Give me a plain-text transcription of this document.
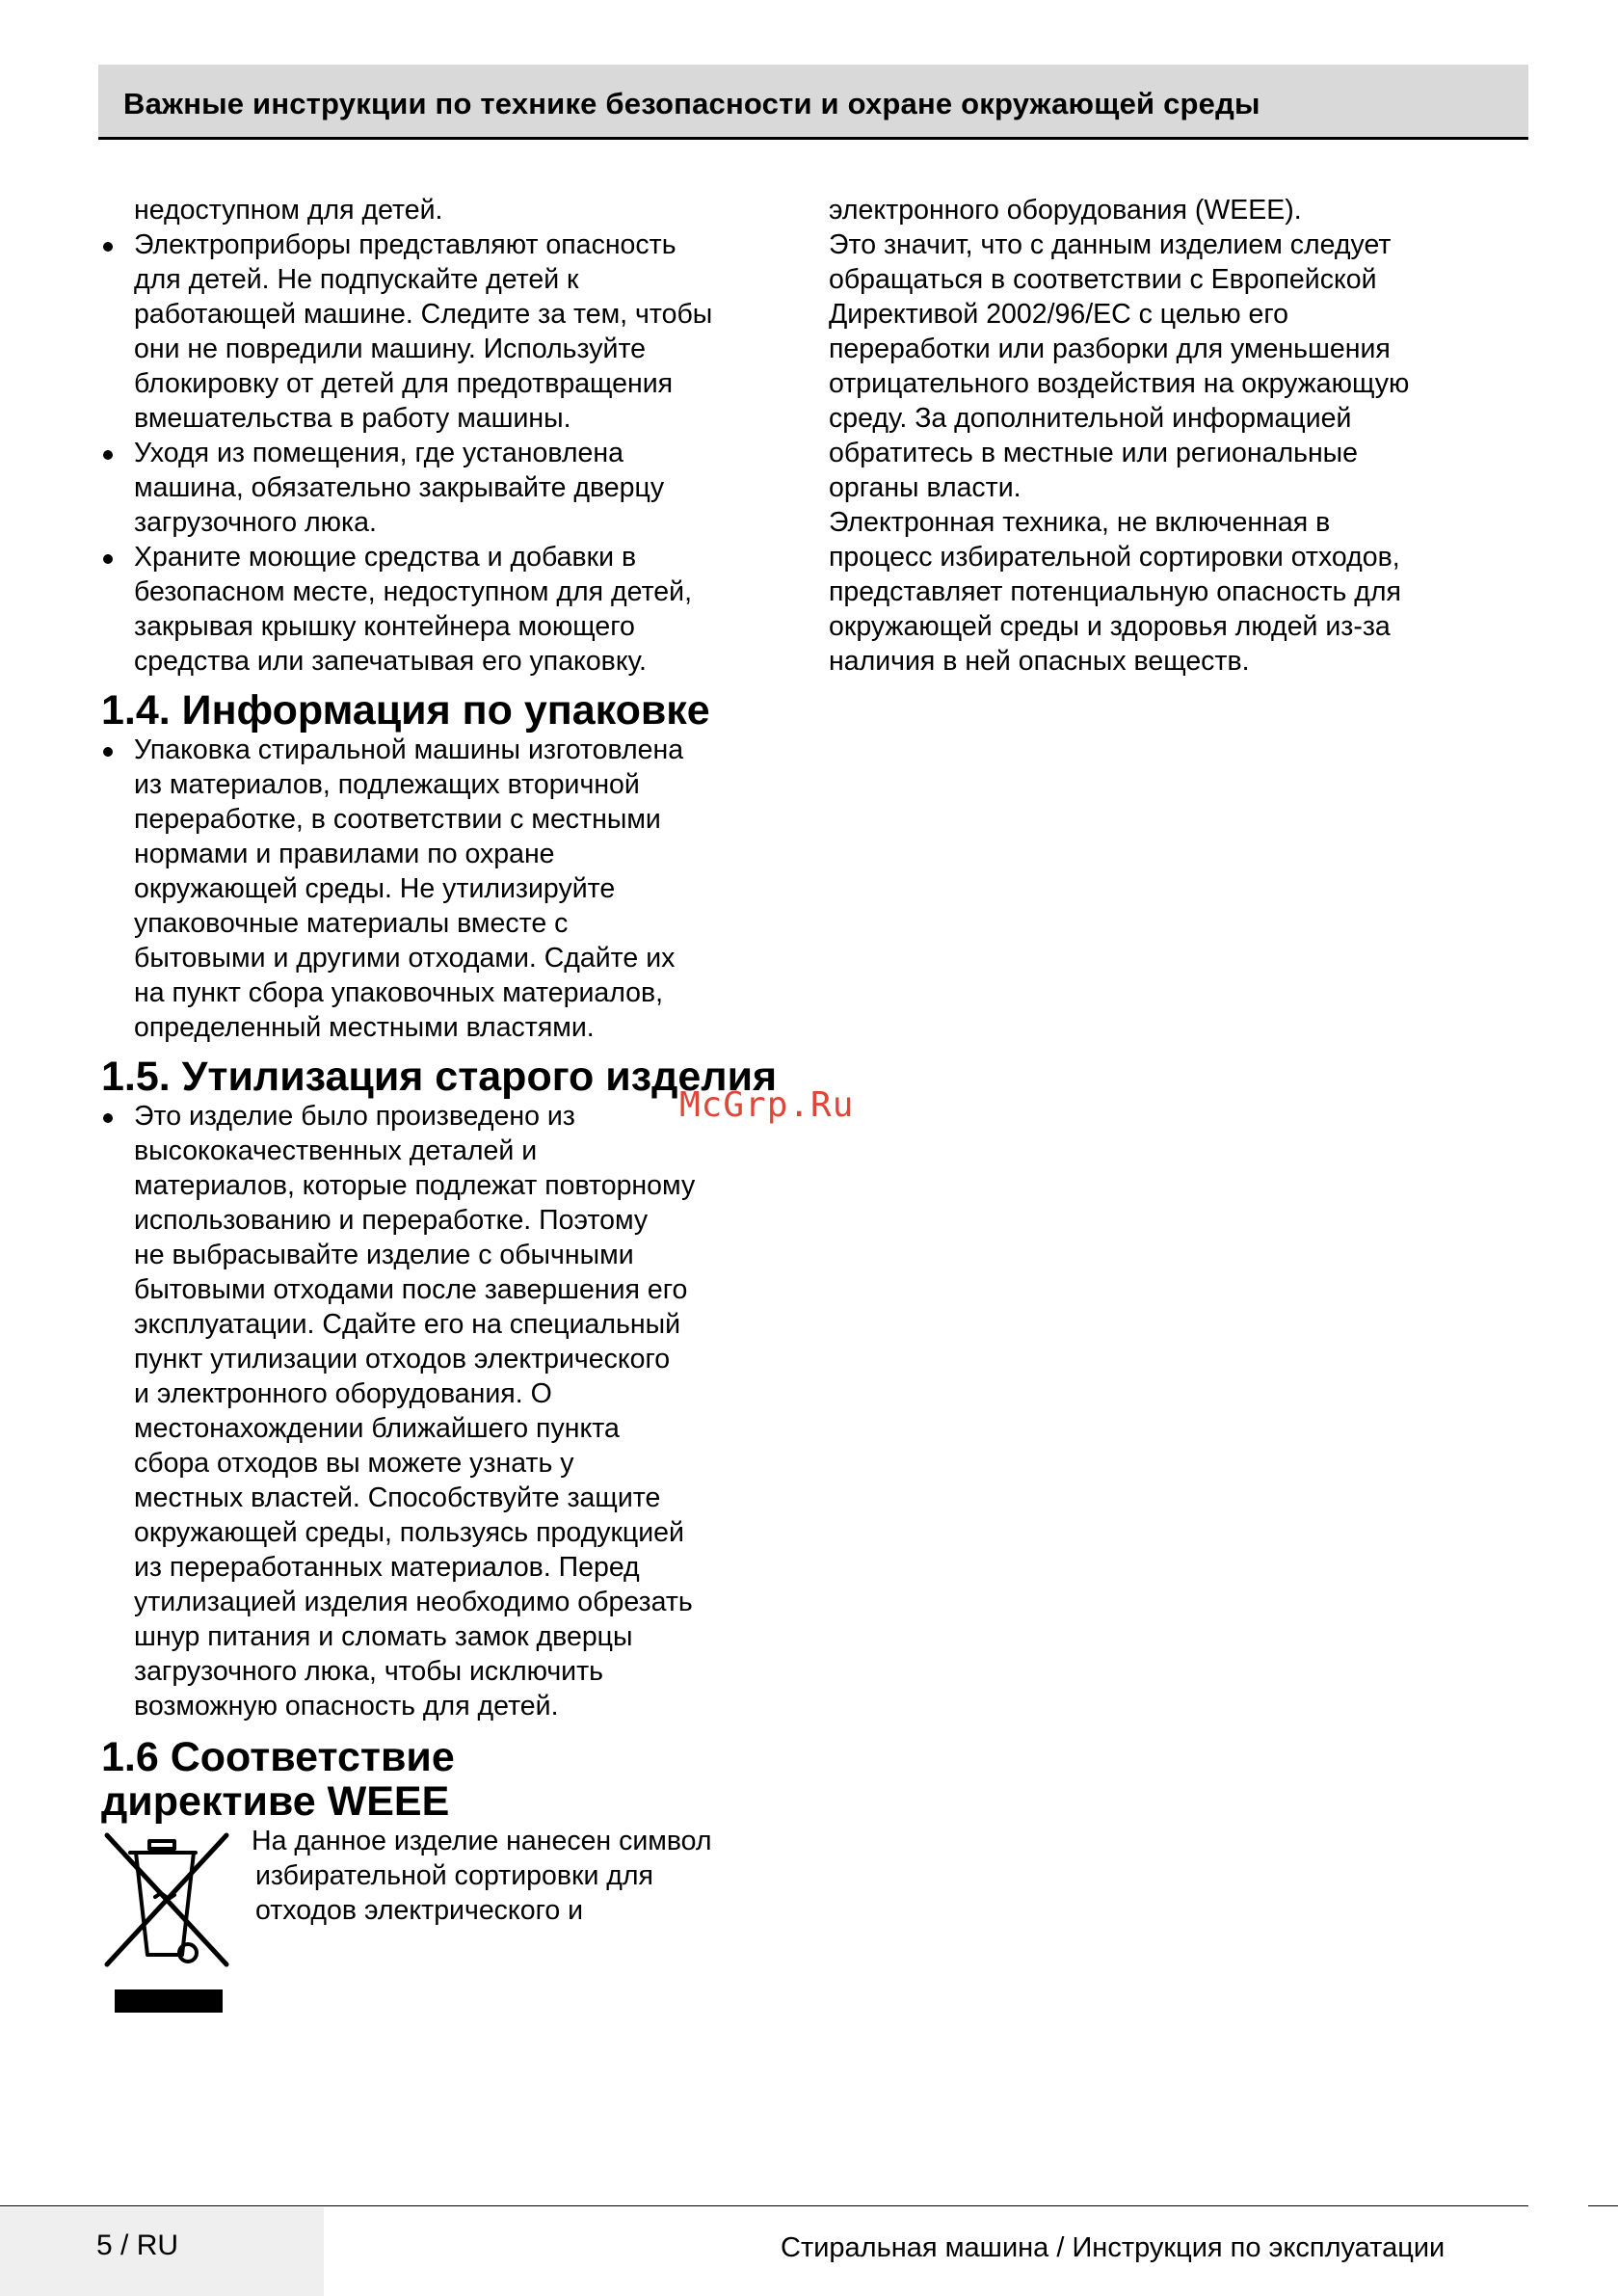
Важные инструкции по технике безопасности и охране окружающей среды

недоступном для детей.

Электроприборы представляют опасность

для детей. Не подпускайте детей к

работающей машине. Следите за тем, чтобы

они не повредили машину. Используйте

блокировку от детей для предотвращения

вмешательства в работу машины.

Уходя из помещения, где установлена

машина, обязательно закрывайте дверцу

загрузочного люка.

Храните моющие средства и добавки в

безопасном месте, недоступном для детей,

закрывая крышку контейнера моющего

средства или запечатывая его упаковку.

1.4. Информация по упаковке

Упаковка стиральной машины изготовлена

из материалов, подлежащих вторичной

переработке, в соответствии с местными

нормами и правилами по охране

окружающей среды. Не утилизируйте

упаковочные материалы вместе с

бытовыми и другими отходами. Сдайте их

на пункт сбора упаковочных материалов,

определенный местными властями.

1.5. Утилизация старого изделия

Это изделие было произведено из

высококачественных деталей и

материалов, которые подлежат повторному

использованию и переработке. Поэтому

не выбрасывайте изделие с обычными

бытовыми отходами после завершения его

эксплуатации. Сдайте его на специальный

пункт утилизации отходов электрического

и электронного оборудования. О

местонахождении ближайшего пункта

сбора отходов вы можете узнать у

местных властей. Способствуйте защите

окружающей среды, пользуясь продукцией

из переработанных материалов. Перед

утилизацией изделия необходимо обрезать

шнур питания и сломать замок дверцы

загрузочного люка, чтобы исключить

возможную опасность для детей.

1.6 Соответствие
директиве WEEE

На данное изделие нанесен символ

избирательной сортировки для

отходов электрического и

электронного оборудования (WEEE).

Это значит, что с данным изделием следует

обращаться в соответствии с Европейской

Директивой 2002/96/EC с целью его

переработки или разборки для уменьшения

отрицательного воздействия на окружающую

среду. За дополнительной информацией

обратитесь в местные или региональные

органы власти.

Электронная техника, не включенная в

процесс избирательной сортировки отходов,

представляет потенциальную опасность для

окружающей среды и здоровья людей из-за

наличия в ней опасных веществ.

McGrp.Ru
5 / RU	Стиральная машина / Инструкция по эксплуатации
